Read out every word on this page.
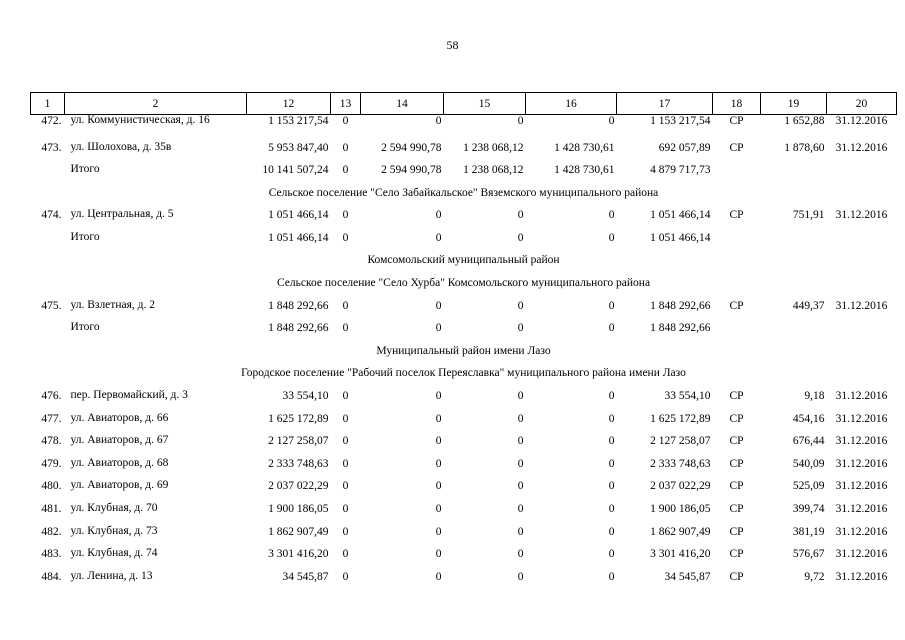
58
1	2	12	13	14	15	16	17	18	19	20
472.	ул. Коммунистическая, д. 16	1 153 217,54	0	0	0	0	1 153 217,54	СР	1 652,88	31.12.2016
473.	ул. Шолохова, д. 35в	5 953 847,40	0	2 594 990,78	1 238 068,12	1 428 730,61	692 057,89	СР	1 878,60	31.12.2016
	Итого	10 141 507,24	0	2 594 990,78	1 238 068,12	1 428 730,61	4 879 717,73			
Сельское поселение "Село Забайкальское" Вяземского муниципального района										
474.	ул. Центральная, д. 5	1 051 466,14	0	0	0	0	1 051 466,14	СР	751,91	31.12.2016
	Итого	1 051 466,14	0	0	0	0	1 051 466,14			
Комсомольский муниципальный район										
Сельское поселение "Село Хурба" Комсомольского муниципального района										
475.	ул. Взлетная, д. 2	1 848 292,66	0	0	0	0	1 848 292,66	СР	449,37	31.12.2016
	Итого	1 848 292,66	0	0	0	0	1 848 292,66			
Муниципальный район имени Лазо										
Городское поселение "Рабочий поселок Переяславка" муниципального района имени Лазо										
476.	пер. Первомайский, д. 3	33 554,10	0	0	0	0	33 554,10	СР	9,18	31.12.2016
477.	ул. Авиаторов, д. 66	1 625 172,89	0	0	0	0	1 625 172,89	СР	454,16	31.12.2016
478.	ул. Авиаторов, д. 67	2 127 258,07	0	0	0	0	2 127 258,07	СР	676,44	31.12.2016
479.	ул. Авиаторов, д. 68	2 333 748,63	0	0	0	0	2 333 748,63	СР	540,09	31.12.2016
480.	ул. Авиаторов, д. 69	2 037 022,29	0	0	0	0	2 037 022,29	СР	525,09	31.12.2016
481.	ул. Клубная, д. 70	1 900 186,05	0	0	0	0	1 900 186,05	СР	399,74	31.12.2016
482.	ул. Клубная, д. 73	1 862 907,49	0	0	0	0	1 862 907,49	СР	381,19	31.12.2016
483.	ул. Клубная, д. 74	3 301 416,20	0	0	0	0	3 301 416,20	СР	576,67	31.12.2016
484.	ул. Ленина, д. 13	34 545,87	0	0	0	0	34 545,87	СР	9,72	31.12.2016
